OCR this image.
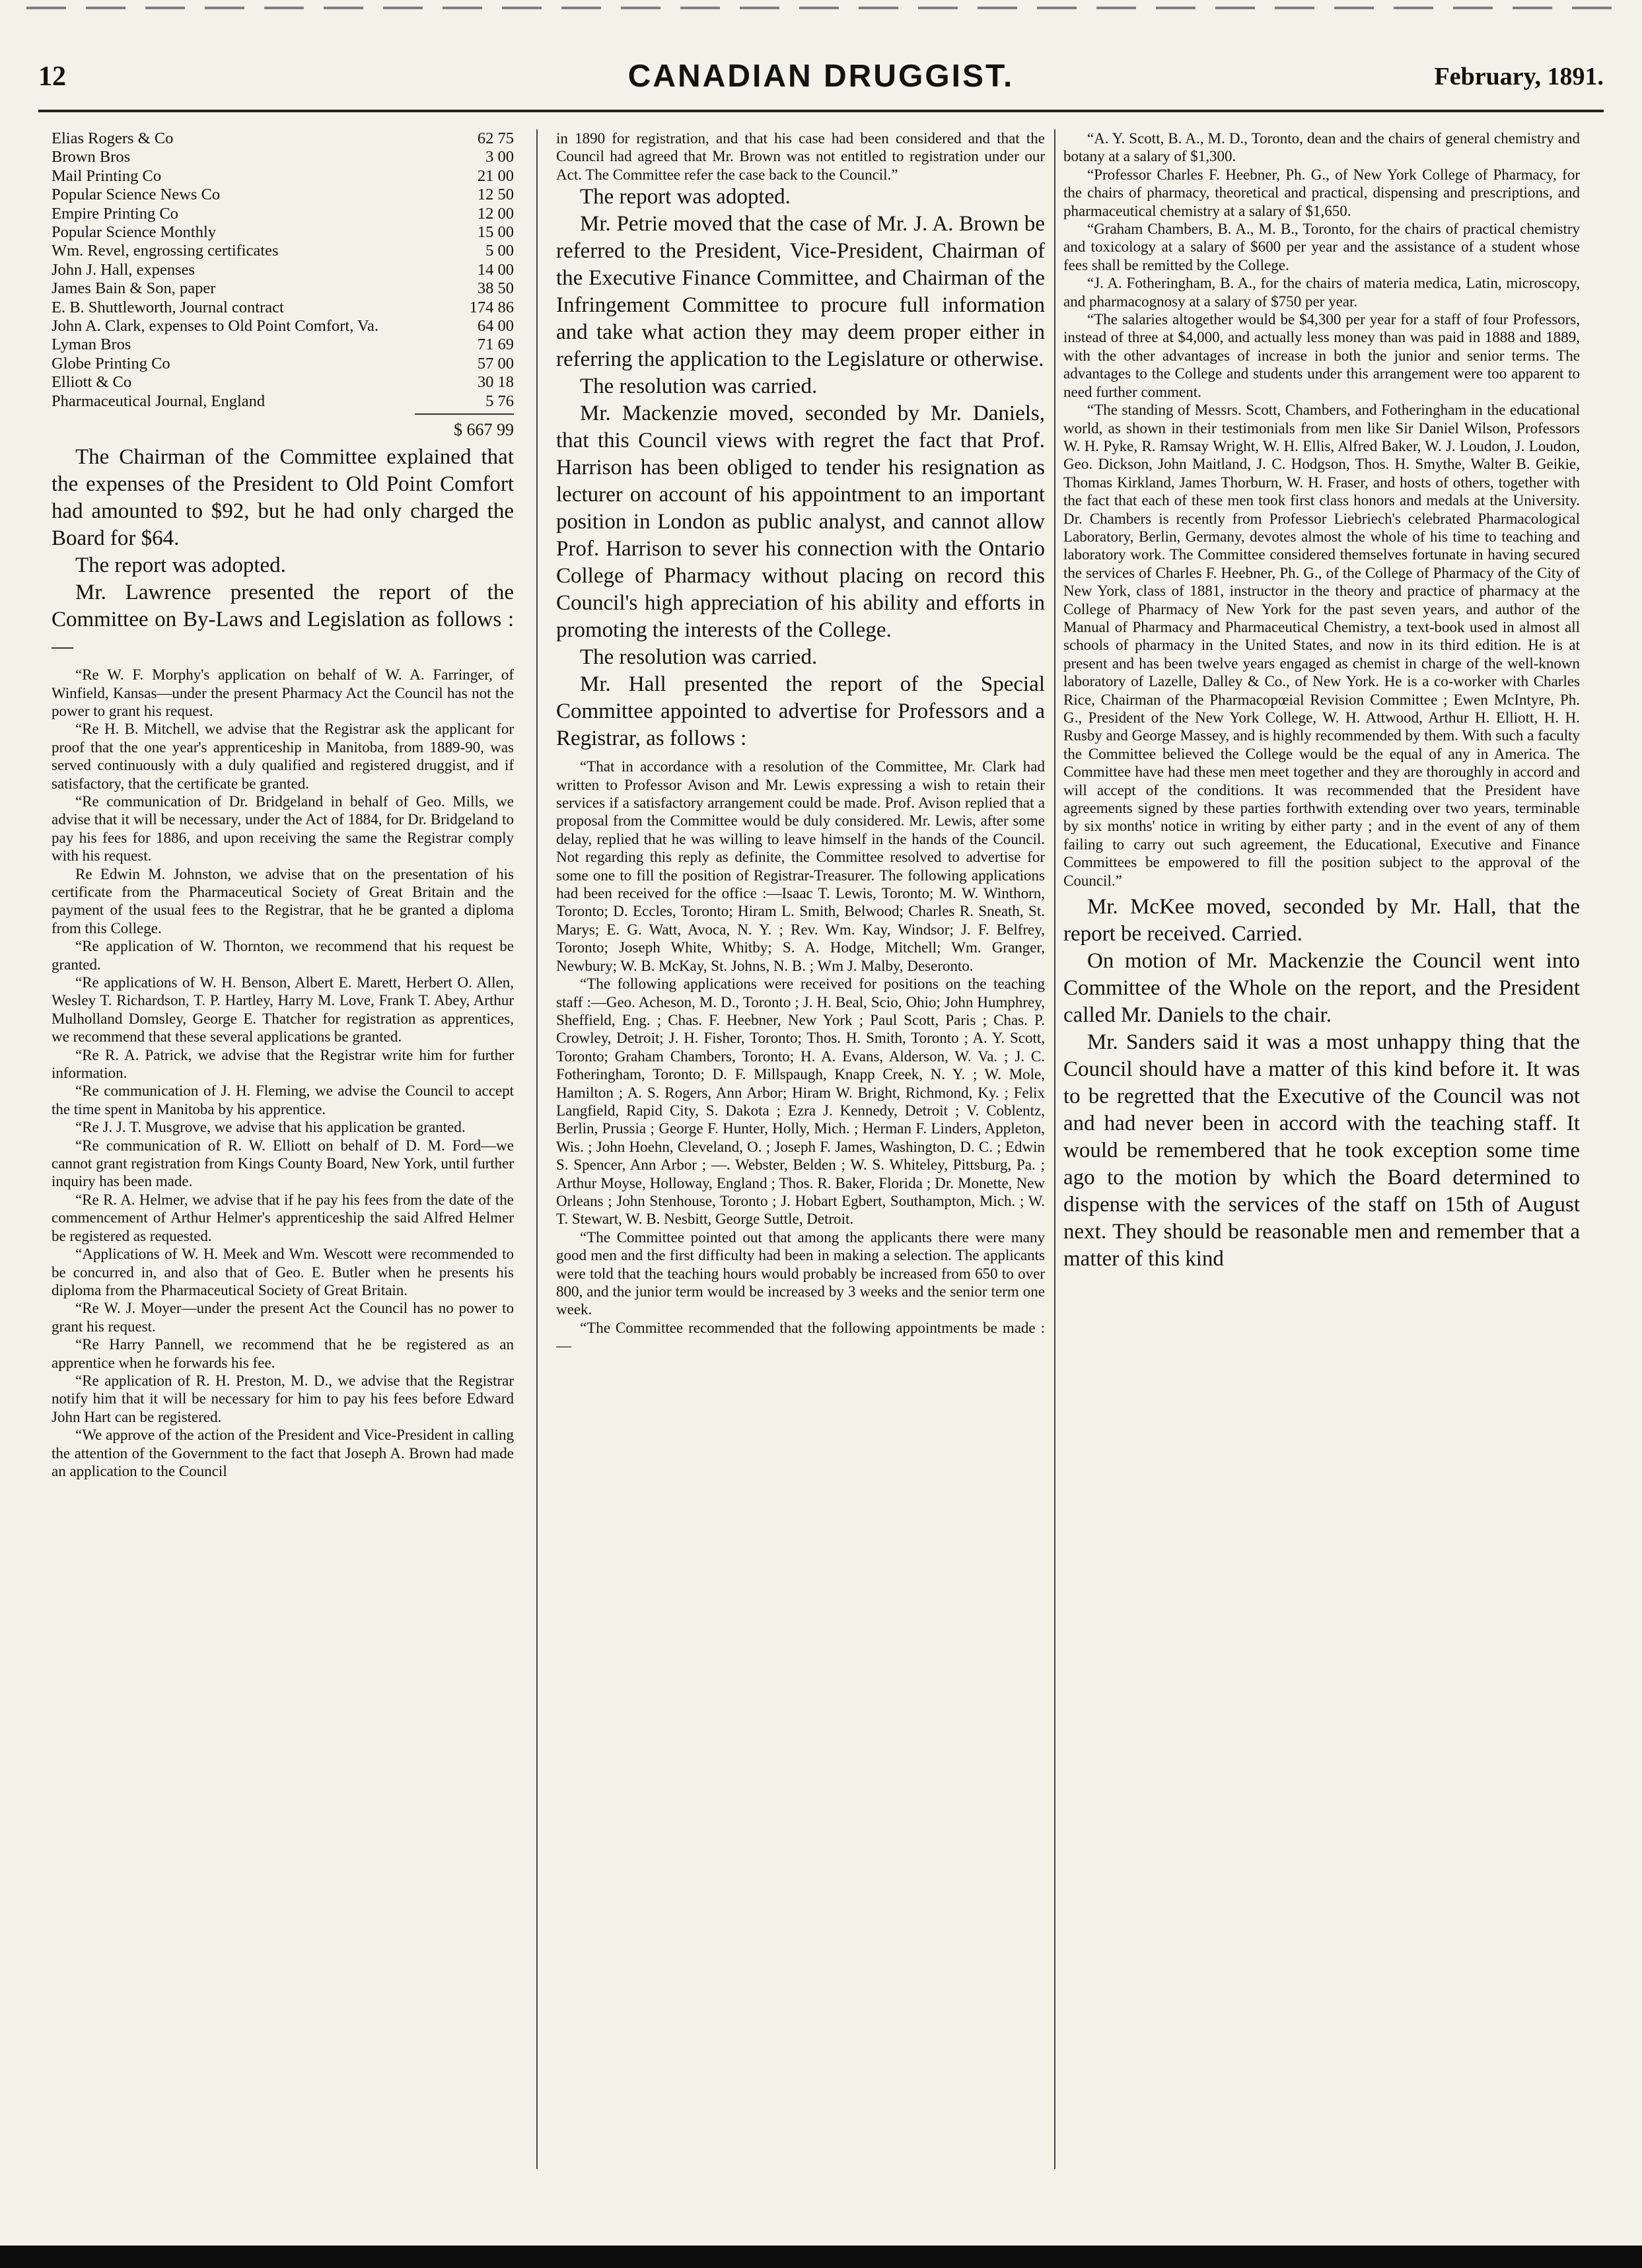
12	CANADIAN DRUGGIST.	February, 1891.
Elias Rogers & Co	62 75
Brown Bros	3 00
Mail Printing Co	21 00
Popular Science News Co	12 50
Empire Printing Co	12 00
Popular Science Monthly	15 00
Wm. Revel, engrossing certificates	5 00
John J. Hall, expenses	14 00
James Bain & Son, paper	38 50
E. B. Shuttleworth, Journal contract	174 86
John A. Clark, expenses to Old Point Comfort, Va.	64 00
Lyman Bros	71 69
Globe Printing Co	57 00
Elliott & Co	30 18
Pharmaceutical Journal, England	5 76
$ 667 99

The Chairman of the Committee explained that the expenses of the President to Old Point Comfort had amounted to $92, but he had only charged the Board for $64.

The report was adopted.

Mr. Lawrence presented the report of the Committee on By-Laws and Legislation as follows :—

“Re W. F. Morphy's application on behalf of W. A. Farringer, of Winfield, Kansas—under the present Pharmacy Act the Council has not the power to grant his request.

“Re H. B. Mitchell, we advise that the Registrar ask the applicant for proof that the one year's apprenticeship in Manitoba, from 1889-90, was served continuously with a duly qualified and registered druggist, and if satisfactory, that the certificate be granted.

“Re communication of Dr. Bridgeland in behalf of Geo. Mills, we advise that it will be necessary, under the Act of 1884, for Dr. Bridgeland to pay his fees for 1886, and upon receiving the same the Registrar comply with his request.

Re Edwin M. Johnston, we advise that on the presentation of his certificate from the Pharmaceutical Society of Great Britain and the payment of the usual fees to the Registrar, that he be granted a diploma from this College.

“Re application of W. Thornton, we recommend that his request be granted.

“Re applications of W. H. Benson, Albert E. Marett, Herbert O. Allen, Wesley T. Richardson, T. P. Hartley, Harry M. Love, Frank T. Abey, Arthur Mulholland Domsley, George E. Thatcher for registration as apprentices, we recommend that these several applications be granted.

“Re R. A. Patrick, we advise that the Registrar write him for further information.

“Re communication of J. H. Fleming, we advise the Council to accept the time spent in Manitoba by his apprentice.

“Re J. J. T. Musgrove, we advise that his application be granted.

“Re communication of R. W. Elliott on behalf of D. M. Ford—we cannot grant registration from Kings County Board, New York, until further inquiry has been made.

“Re R. A. Helmer, we advise that if he pay his fees from the date of the commencement of Arthur Helmer's apprenticeship the said Alfred Helmer be registered as requested.

“Applications of W. H. Meek and Wm. Wescott were recommended to be concurred in, and also that of Geo. E. Butler when he presents his diploma from the Pharmaceutical Society of Great Britain.

“Re W. J. Moyer—under the present Act the Council has no power to grant his request.

“Re Harry Pannell, we recommend that he be registered as an apprentice when he forwards his fee.

“Re application of R. H. Preston, M. D., we advise that the Registrar notify him that it will be necessary for him to pay his fees before Edward John Hart can be registered.

“We approve of the action of the President and Vice-President in calling the attention of the Government to the fact that Joseph A. Brown had made an application to the Council

in 1890 for registration, and that his case had been considered and that the Council had agreed that Mr. Brown was not entitled to registration under our Act. The Committee refer the case back to the Council.”

The report was adopted.

Mr. Petrie moved that the case of Mr. J. A. Brown be referred to the President, Vice-President, Chairman of the Executive Finance Committee, and Chairman of the Infringement Committee to procure full information and take what action they may deem proper either in referring the application to the Legislature or otherwise.

The resolution was carried.

Mr. Mackenzie moved, seconded by Mr. Daniels, that this Council views with regret the fact that Prof. Harrison has been obliged to tender his resignation as lecturer on account of his appointment to an important position in London as public analyst, and cannot allow Prof. Harrison to sever his connection with the Ontario College of Pharmacy without placing on record this Council's high appreciation of his ability and efforts in promoting the interests of the College.

The resolution was carried.

Mr. Hall presented the report of the Special Committee appointed to advertise for Professors and a Registrar, as follows :

“That in accordance with a resolution of the Committee, Mr. Clark had written to Professor Avison and Mr. Lewis expressing a wish to retain their services if a satisfactory arrangement could be made. Prof. Avison replied that a proposal from the Committee would be duly considered. Mr. Lewis, after some delay, replied that he was willing to leave himself in the hands of the Council. Not regarding this reply as definite, the Committee resolved to advertise for some one to fill the position of Registrar-Treasurer. The following applications had been received for the office :—Isaac T. Lewis, Toronto; M. W. Winthorn, Toronto; D. Eccles, Toronto; Hiram L. Smith, Belwood; Charles R. Sneath, St. Marys; E. G. Watt, Avoca, N. Y. ; Rev. Wm. Kay, Windsor; J. F. Belfrey, Toronto; Joseph White, Whitby; S. A. Hodge, Mitchell; Wm. Granger, Newbury; W. B. McKay, St. Johns, N. B. ; Wm J. Malby, Deseronto.

“The following applications were received for positions on the teaching staff :—Geo. Acheson, M. D., Toronto ; J. H. Beal, Scio, Ohio; John Humphrey, Sheffield, Eng. ; Chas. F. Heebner, New York ; Paul Scott, Paris ; Chas. P. Crowley, Detroit; J. H. Fisher, Toronto; Thos. H. Smith, Toronto ; A. Y. Scott, Toronto; Graham Chambers, Toronto; H. A. Evans, Alderson, W. Va. ; J. C. Fotheringham, Toronto; D. F. Millspaugh, Knapp Creek, N. Y. ; W. Mole, Hamilton ; A. S. Rogers, Ann Arbor; Hiram W. Bright, Richmond, Ky. ; Felix Langfield, Rapid City, S. Dakota ; Ezra J. Kennedy, Detroit ; V. Coblentz, Berlin, Prussia ; George F. Hunter, Holly, Mich. ; Herman F. Linders, Appleton, Wis. ; John Hoehn, Cleveland, O. ; Joseph F. James, Washington, D. C. ; Edwin S. Spencer, Ann Arbor ; —. Webster, Belden ; W. S. Whiteley, Pittsburg, Pa. ; Arthur Moyse, Holloway, England ; Thos. R. Baker, Florida ; Dr. Monette, New Orleans ; John Stenhouse, Toronto ; J. Hobart Egbert, Southampton, Mich. ; W. T. Stewart, W. B. Nesbitt, George Suttle, Detroit.

“The Committee pointed out that among the applicants there were many good men and the first difficulty had been in making a selection. The applicants were told that the teaching hours would probably be increased from 650 to over 800, and the junior term would be increased by 3 weeks and the senior term one week.

“The Committee recommended that the following appointments be made :—

“A. Y. Scott, B. A., M. D., Toronto, dean and the chairs of general chemistry and botany at a salary of $1,300.

“Professor Charles F. Heebner, Ph. G., of New York College of Pharmacy, for the chairs of pharmacy, theoretical and practical, dispensing and prescriptions, and pharmaceutical chemistry at a salary of $1,650.

“Graham Chambers, B. A., M. B., Toronto, for the chairs of practical chemistry and toxicology at a salary of $600 per year and the assistance of a student whose fees shall be remitted by the College.

“J. A. Fotheringham, B. A., for the chairs of materia medica, Latin, microscopy, and pharmacognosy at a salary of $750 per year.

“The salaries altogether would be $4,300 per year for a staff of four Professors, instead of three at $4,000, and actually less money than was paid in 1888 and 1889, with the other advantages of increase in both the junior and senior terms. The advantages to the College and students under this arrangement were too apparent to need further comment.

“The standing of Messrs. Scott, Chambers, and Fotheringham in the educational world, as shown in their testimonials from men like Sir Daniel Wilson, Professors W. H. Pyke, R. Ramsay Wright, W. H. Ellis, Alfred Baker, W. J. Loudon, J. Loudon, Geo. Dickson, John Maitland, J. C. Hodgson, Thos. H. Smythe, Walter B. Geikie, Thomas Kirkland, James Thorburn, W. H. Fraser, and hosts of others, together with the fact that each of these men took first class honors and medals at the University. Dr. Chambers is recently from Professor Liebriech's celebrated Pharmacological Laboratory, Berlin, Germany, devotes almost the whole of his time to teaching and laboratory work. The Committee considered themselves fortunate in having secured the services of Charles F. Heebner, Ph. G., of the College of Pharmacy of the City of New York, class of 1881, instructor in the theory and practice of pharmacy at the College of Pharmacy of New York for the past seven years, and author of the Manual of Pharmacy and Pharmaceutical Chemistry, a text-book used in almost all schools of pharmacy in the United States, and now in its third edition. He is at present and has been twelve years engaged as chemist in charge of the well-known laboratory of Lazelle, Dalley & Co., of New York. He is a co-worker with Charles Rice, Chairman of the Pharmacopœial Revision Committee ; Ewen McIntyre, Ph. G., President of the New York College, W. H. Attwood, Arthur H. Elliott, H. H. Rusby and George Massey, and is highly recommended by them. With such a faculty the Committee believed the College would be the equal of any in America. The Committee have had these men meet together and they are thoroughly in accord and will accept of the conditions. It was recommended that the President have agreements signed by these parties forthwith extending over two years, terminable by six months' notice in writing by either party ; and in the event of any of them failing to carry out such agreement, the Educational, Executive and Finance Committees be empowered to fill the position subject to the approval of the Council.”

Mr. McKee moved, seconded by Mr. Hall, that the report be received. Carried.

On motion of Mr. Mackenzie the Council went into Committee of the Whole on the report, and the President called Mr. Daniels to the chair.

Mr. Sanders said it was a most unhappy thing that the Council should have a matter of this kind before it. It was to be regretted that the Executive of the Council was not and had never been in accord with the teaching staff. It would be remembered that he took exception some time ago to the motion by which the Board determined to dispense with the services of the staff on 15th of August next. They should be reasonable men and remember that a matter of this kind
